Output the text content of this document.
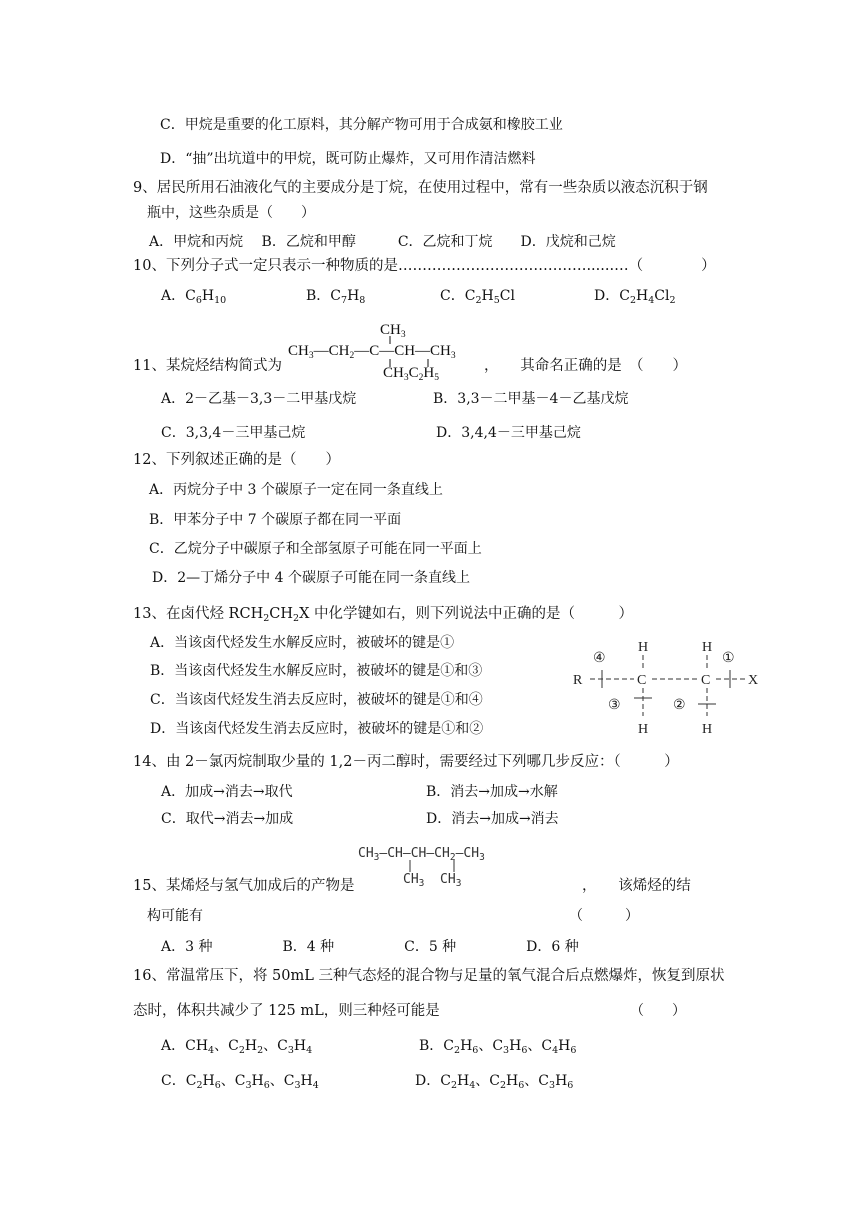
C．甲烷是重要的化工原料，其分解产物可用于合成氨和橡胶工业
D．“抽”出坑道中的甲烷，既可防止爆炸，又可用作清洁燃料
9、居民所用石油液化气的主要成分是丁烷，在使用过程中，常有一些杂质以液态沉积于钢
瓶中，这些杂质是（　　）
A．甲烷和丙烷　 B．乙烷和甲醇　　　C．乙烷和丁烷　　D．戊烷和己烷
10、下列分子式一定只表示一种物质的是…………………………………......…（　　　　）
A．$C_6H_{10}$	B．$C_7H_8$	C．$C_2H_5Cl$	D．$C_2H_4Cl_2$
11、某烷烃结构简式为
$CH_3$
$CH_3—CH_2—C—CH—CH_3$
$CH_3C_2H_5$
，　　其命名正确的是　（　　）
A．2－乙基－3,3－二甲基戊烷	B．3,3－二甲基－4－乙基戊烷
C．3,3,4－三甲基己烷	D．3,4,4－三甲基己烷
12、下列叙述正确的是（　　）
A．丙烷分子中 3 个碳原子一定在同一条直线上
B．甲苯分子中 7 个碳原子都在同一平面
C．乙烷分子中碳原子和全部氢原子可能在同一平面上
D．2—丁烯分子中 4 个碳原子可能在同一条直线上
13、在卤代烃 $RCH_2CH_2X$ 中化学键如右，则下列说法中正确的是（　　　）
A．当该卤代烃发生水解反应时，被破坏的键是①
B．当该卤代烃发生水解反应时，被破坏的键是①和③
C．当该卤代烃发生消去反应时，被破坏的键是①和④
D．当该卤代烃发生消去反应时，被破坏的键是①和②
R	C	C	X
H	H
H	H
④	①
③	②
14、由 2－氯丙烷制取少量的 1,2－丙二醇时，需要经过下列哪几步反应：（　　　）
A．加成→消去→取代	B．消去→加成→水解
C．取代→消去→加成	D．消去→加成→消去
$CH_3—CH—CH—CH_2—CH_3$
$CH_3$  $CH_3$
15、某烯烃与氢气加成后的产物是	，　　该烯烃的结
构可能有	（　　　）
A．3 种　　　　　B．4 种　　　　　C．5 种　　　　　D．6 种
16、常温常压下，将 50mL 三种气态烃的混合物与足量的氧气混合后点燃爆炸，恢复到原状
态时，体积共减少了 125 mL，则三种烃可能是	（　　）
A．$CH_4$、$C_2H_2$、$C_3H_4$	B．$C_2H_6$、$C_3H_6$、$C_4H_6$
C．$C_2H_6$、$C_3H_6$、$C_3H_4$	D．$C_2H_4$、$C_2H_6$、$C_3H_6$
